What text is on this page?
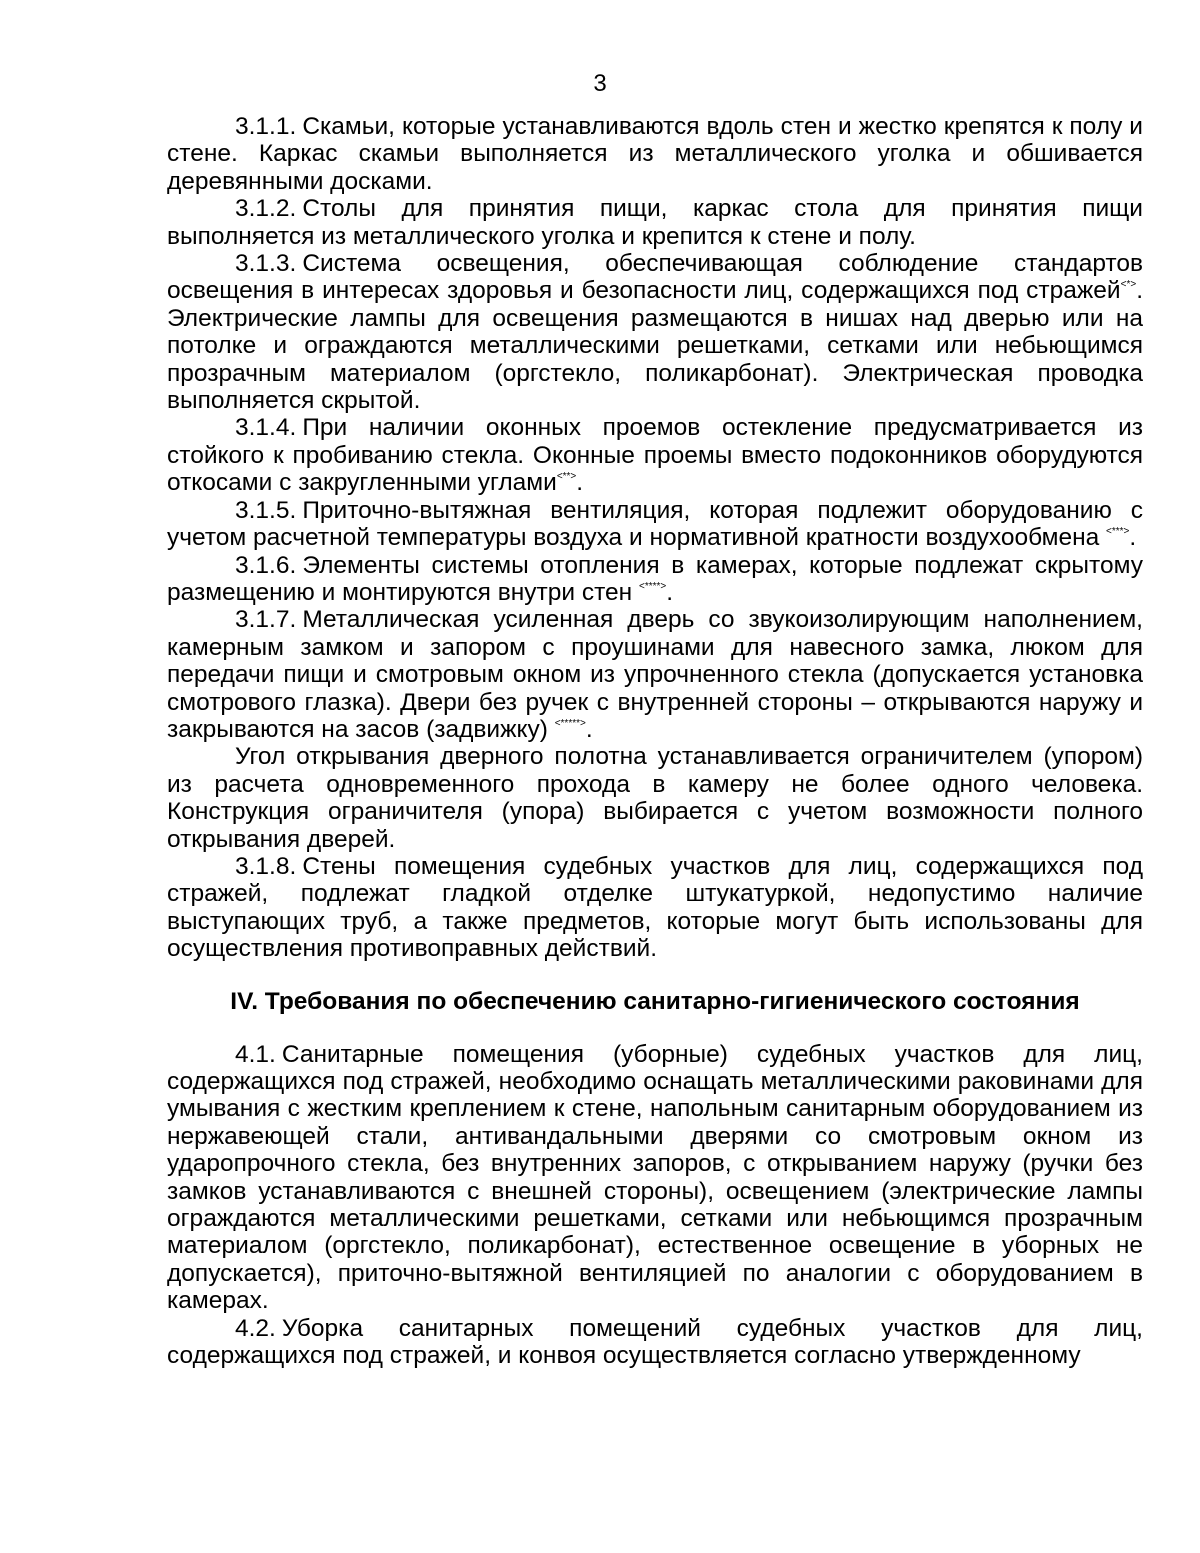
3

3.1.1. Скамьи, которые устанавливаются вдоль стен и жестко крепятся к полу и стене. Каркас скамьи выполняется из металлического уголка и обшивается деревянными досками.

3.1.2. Столы для принятия пищи, каркас стола для принятия пищи выполняется из металлического уголка и крепится к стене и полу.

3.1.3. Система освещения, обеспечивающая соблюдение стандартов освещения в интересах здоровья и безопасности лиц, содержащихся под стражей<*>. Электрические лампы для освещения размещаются в нишах над дверью или на потолке и ограждаются металлическими решетками, сетками или небьющимся прозрачным материалом (оргстекло, поликарбонат). Электрическая проводка выполняется скрытой.

3.1.4. При наличии оконных проемов остекление предусматривается из стойкого к пробиванию стекла. Оконные проемы вместо подоконников оборудуются откосами с закругленными углами<**>.

3.1.5. Приточно-вытяжная вентиляция, которая подлежит оборудованию с учетом расчетной температуры воздуха и нормативной кратности воздухообмена <***>.

3.1.6. Элементы системы отопления в камерах, которые подлежат скрытому размещению и монтируются внутри стен <****>.

3.1.7. Металлическая усиленная дверь со звукоизолирующим наполнением, камерным замком и запором с проушинами для навесного замка, люком для передачи пищи и смотровым окном из упрочненного стекла (допускается установка смотрового глазка). Двери без ручек с внутренней стороны – открываются наружу и закрываются на засов (задвижку) <*****>.

Угол открывания дверного полотна устанавливается ограничителем (упором) из расчета одновременного прохода в камеру не более одного человека. Конструкция ограничителя (упора) выбирается с учетом возможности полного открывания дверей.

3.1.8. Стены помещения судебных участков для лиц, содержащихся под стражей, подлежат гладкой отделке штукатуркой, недопустимо наличие выступающих труб, а также предметов, которые могут быть использованы для осуществления противоправных действий.

IV. Требования по обеспечению санитарно-гигиенического состояния

4.1. Санитарные помещения (уборные) судебных участков для лиц, содержащихся под стражей, необходимо оснащать металлическими раковинами для умывания с жестким креплением к стене, напольным санитарным оборудованием из нержавеющей стали, антивандальными дверями со смотровым окном из ударопрочного стекла, без внутренних запоров, с открыванием наружу (ручки без замков устанавливаются с внешней стороны), освещением (электрические лампы ограждаются металлическими решетками, сетками или небьющимся прозрачным материалом (оргстекло, поликарбонат), естественное освещение в уборных не допускается), приточно-вытяжной вентиляцией по аналогии с оборудованием в камерах.

4.2. Уборка санитарных помещений судебных участков для лиц, содержащихся под стражей, и конвоя осуществляется согласно утвержденному
